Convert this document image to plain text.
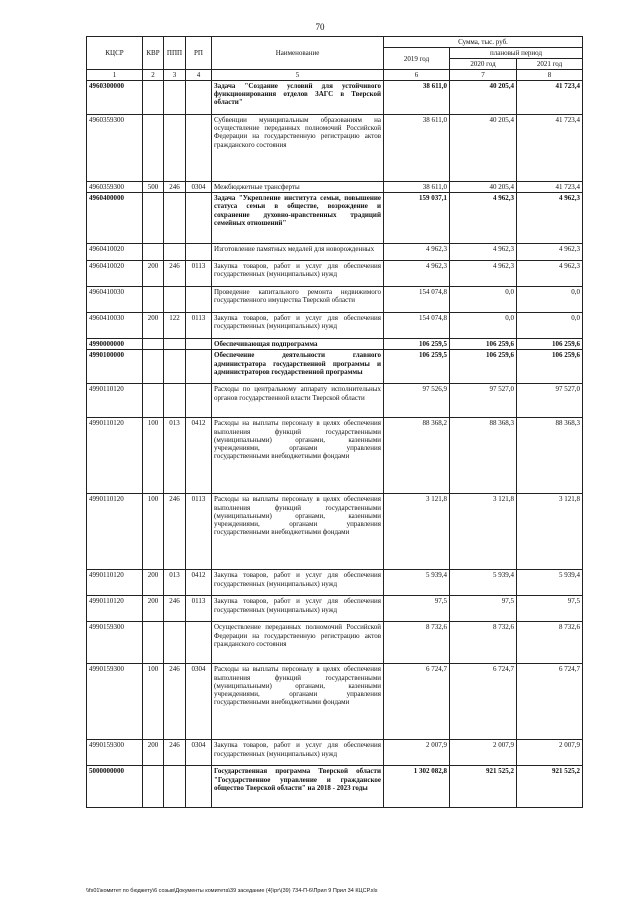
70
КЦСР	КВР	ППП	РП	Наименование	Сумма, тыс. руб.		
					2019 год	плановый период	
						2020 год	2021 год
1	2	3	4	5	6	7	8
4960300000				Задача "Создание условий для устойчивого функционирования отделов ЗАГС в Тверской области"	38 611,0	40 205,4	41 723,4
4960359300				Субвенции муниципальным образованиям на осуществление переданных полномочий Российской Федерации на государственную регистрацию актов гражданского состояния	38 611,0	40 205,4	41 723,4
4960359300	500	246	0304	Межбюджетные трансферты	38 611,0	40 205,4	41 723,4
4960400000				Задача "Укрепление института семьи, повышение статуса семьи в обществе, возрождение и сохранение духовно-нравственных традиций семейных отношений"	159 037,1	4 962,3	4 962,3
4960410020				Изготовление памятных медалей для новорожденных	4 962,3	4 962,3	4 962,3
4960410020	200	246	0113	Закупка товаров, работ и услуг для обеспечения государственных (муниципальных) нужд	4 962,3	4 962,3	4 962,3
4960410030				Проведение капитального ремонта недвижимого государственного имущества Тверской области	154 074,8	0,0	0,0
4960410030	200	122	0113	Закупка товаров, работ и услуг для обеспечения государственных (муниципальных) нужд	154 074,8	0,0	0,0
4990000000				Обеспечивающая подпрограмма	106 259,5	106 259,6	106 259,6
4990100000				Обеспечение деятельности главного администратора государственной программы и администраторов государственной программы	106 259,5	106 259,6	106 259,6
4990110120				Расходы по центральному аппарату исполнительных органов государственной власти Тверской области	97 526,9	97 527,0	97 527,0
4990110120	100	013	0412	Расходы на выплаты персоналу в целях обеспечения выполнения функций государственными (муниципальными) органами, казенными учреждениями, органами управления государственными внебюджетными фондами	88 368,2	88 368,3	88 368,3
4990110120	100	246	0113	Расходы на выплаты персоналу в целях обеспечения выполнения функций государственными (муниципальными) органами, казенными учреждениями, органами управления государственными внебюджетными фондами	3 121,8	3 121,8	3 121,8
4990110120	200	013	0412	Закупка товаров, работ и услуг для обеспечения государственных (муниципальных) нужд	5 939,4	5 939,4	5 939,4
4990110120	200	246	0113	Закупка товаров, работ и услуг для обеспечения государственных (муниципальных) нужд	97,5	97,5	97,5
4990159300				Осуществление переданных полномочий Российской Федерации на государственную регистрацию актов гражданского состояния	8 732,6	8 732,6	8 732,6
4990159300	100	246	0304	Расходы на выплаты персоналу в целях обеспечения выполнения функций государственными (муниципальными) органами, казенными учреждениями, органами управления государственными внебюджетными фондами	6 724,7	6 724,7	6 724,7
4990159300	200	246	0304	Закупка товаров, работ и услуг для обеспечения государственных (муниципальных) нужд	2 007,9	2 007,9	2 007,9
5000000000				Государственная программа Тверской области "Государственное управление и гражданское общество Тверской области" на 2018 - 2023 годы	1 302 082,8	921 525,2	921 525,2
\\fs01\комитет по бюджету\6 созыв\Документы комитета\39 заседание (4)\рг\(39) 734-П-6\Прил 9 Прил 34 КЦСР.xls
